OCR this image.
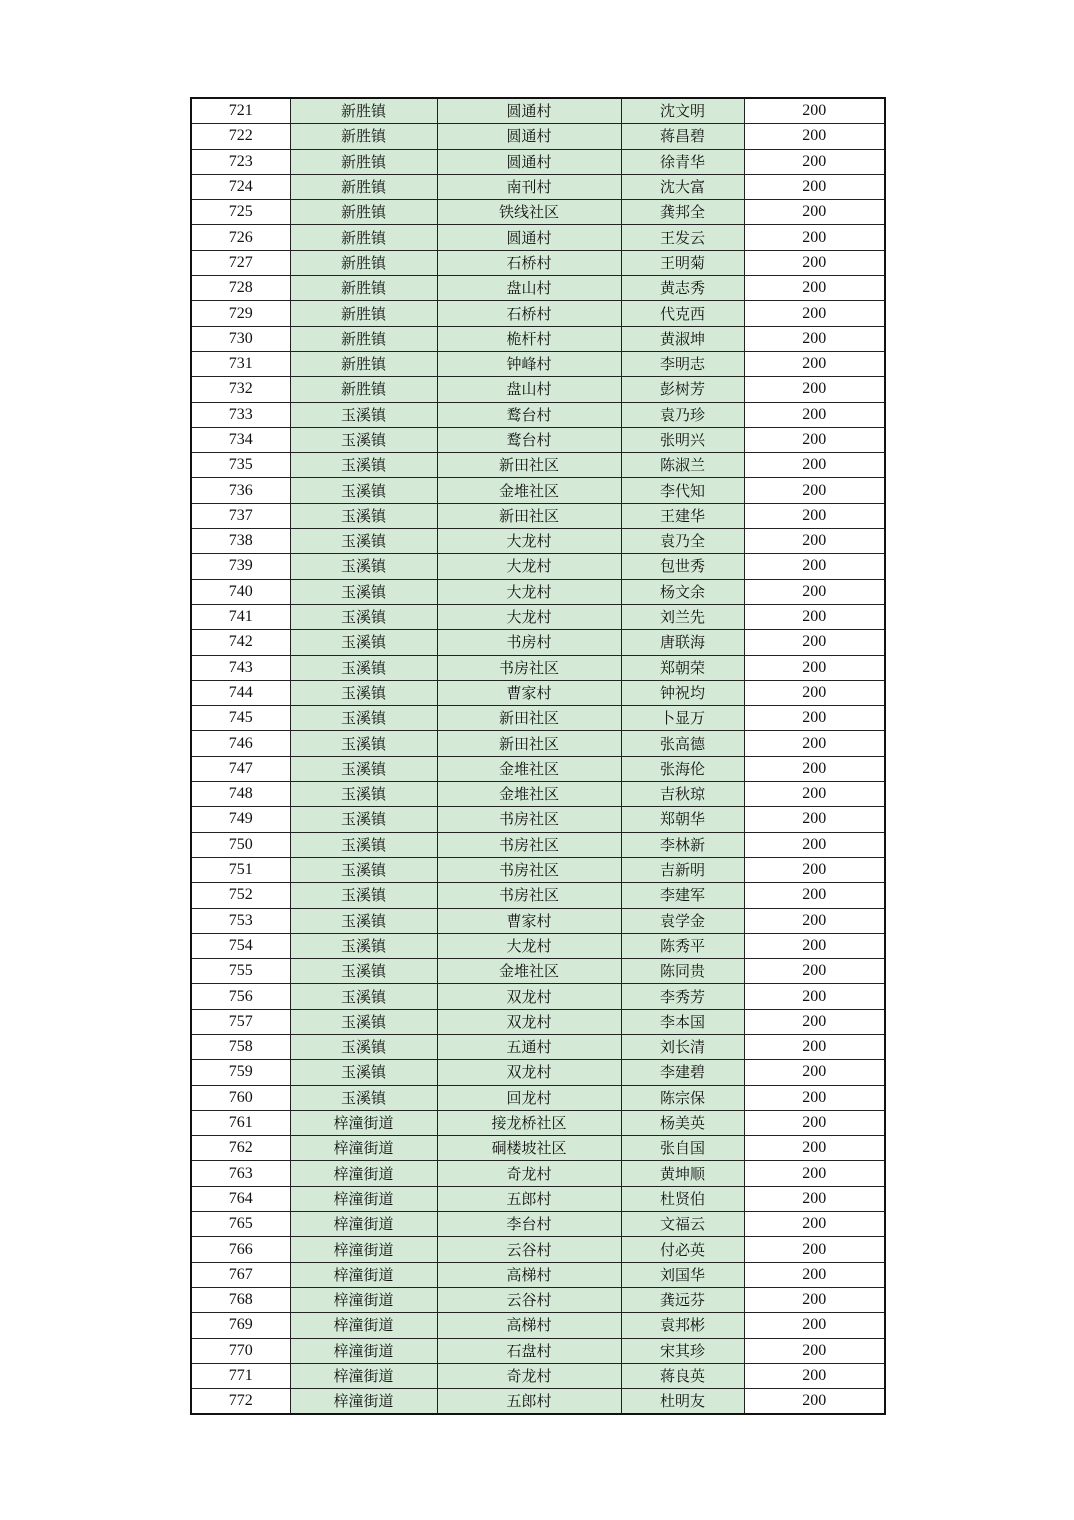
721	新胜镇	圆通村	沈文明	200
722	新胜镇	圆通村	蒋昌碧	200
723	新胜镇	圆通村	徐青华	200
724	新胜镇	南刊村	沈大富	200
725	新胜镇	铁线社区	龚邦全	200
726	新胜镇	圆通村	王发云	200
727	新胜镇	石桥村	王明菊	200
728	新胜镇	盘山村	黄志秀	200
729	新胜镇	石桥村	代克西	200
730	新胜镇	桅杆村	黄淑坤	200
731	新胜镇	钟峰村	李明志	200
732	新胜镇	盘山村	彭树芳	200
733	玉溪镇	鹜台村	袁乃珍	200
734	玉溪镇	鹜台村	张明兴	200
735	玉溪镇	新田社区	陈淑兰	200
736	玉溪镇	金堆社区	李代知	200
737	玉溪镇	新田社区	王建华	200
738	玉溪镇	大龙村	袁乃全	200
739	玉溪镇	大龙村	包世秀	200
740	玉溪镇	大龙村	杨文余	200
741	玉溪镇	大龙村	刘兰先	200
742	玉溪镇	书房村	唐联海	200
743	玉溪镇	书房社区	郑朝荣	200
744	玉溪镇	曹家村	钟祝均	200
745	玉溪镇	新田社区	卜显万	200
746	玉溪镇	新田社区	张高德	200
747	玉溪镇	金堆社区	张海伦	200
748	玉溪镇	金堆社区	吉秋琼	200
749	玉溪镇	书房社区	郑朝华	200
750	玉溪镇	书房社区	李林新	200
751	玉溪镇	书房社区	吉新明	200
752	玉溪镇	书房社区	李建军	200
753	玉溪镇	曹家村	袁学金	200
754	玉溪镇	大龙村	陈秀平	200
755	玉溪镇	金堆社区	陈同贵	200
756	玉溪镇	双龙村	李秀芳	200
757	玉溪镇	双龙村	李本国	200
758	玉溪镇	五通村	刘长清	200
759	玉溪镇	双龙村	李建碧	200
760	玉溪镇	回龙村	陈宗保	200
761	梓潼街道	接龙桥社区	杨美英	200
762	梓潼街道	硐楼坡社区	张自国	200
763	梓潼街道	奇龙村	黄坤顺	200
764	梓潼街道	五郎村	杜贤伯	200
765	梓潼街道	李台村	文福云	200
766	梓潼街道	云谷村	付必英	200
767	梓潼街道	高梯村	刘国华	200
768	梓潼街道	云谷村	龚远芬	200
769	梓潼街道	高梯村	袁邦彬	200
770	梓潼街道	石盘村	宋其珍	200
771	梓潼街道	奇龙村	蒋良英	200
772	梓潼街道	五郎村	杜明友	200
